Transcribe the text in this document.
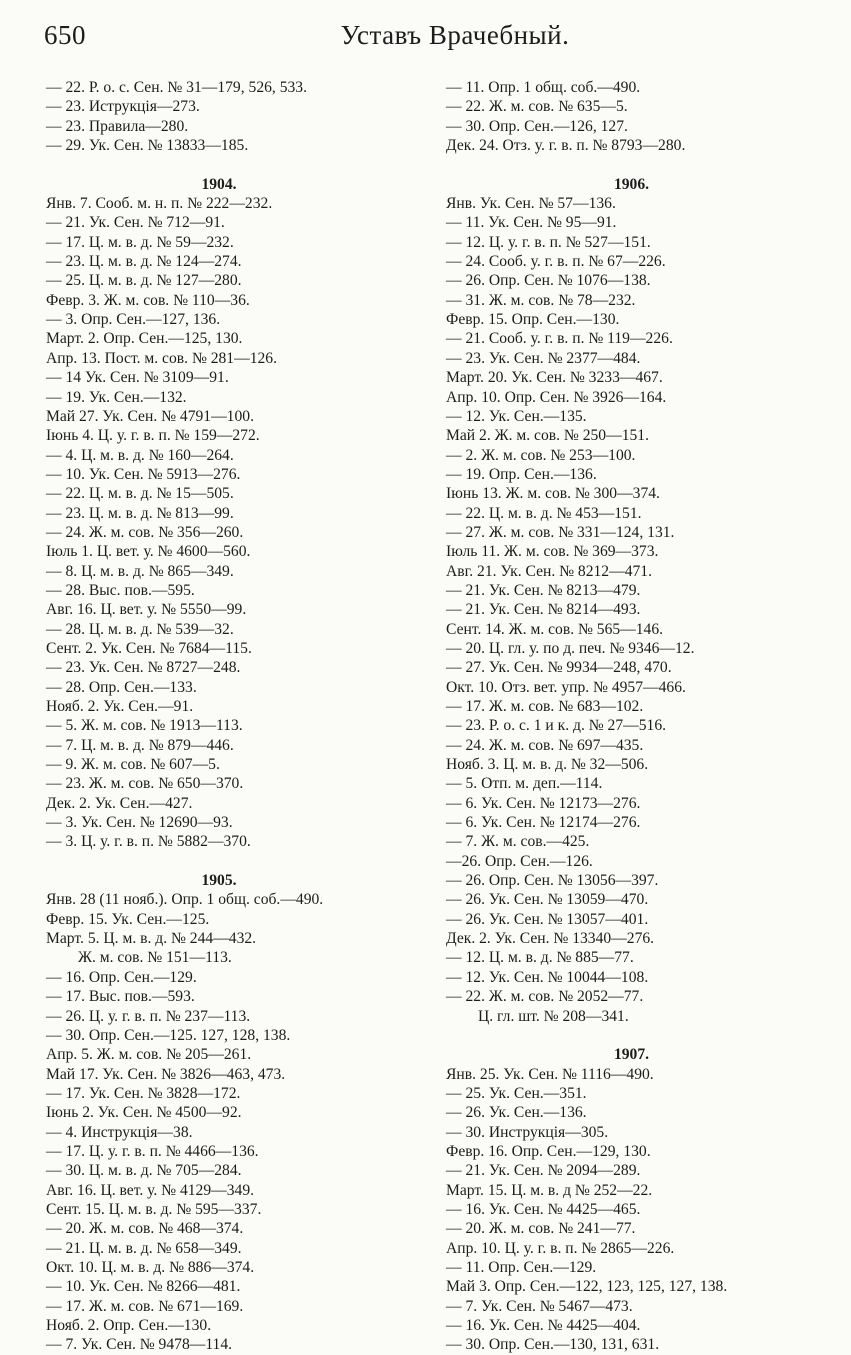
650	Уставъ Врачебный.
— 22. Р. о. с. Сен. № 31—179, 526, 533.
— 23. Иструкція—273.
— 23. Правила—280.
— 29. Ук. Сен. № 13833—185.
1904.
Янв. 7. Сооб. м. н. п. № 222—232.
— 21. Ук. Сен. № 712—91.
— 17. Ц. м. в. д. № 59—232.
— 23. Ц. м. в. д. № 124—274.
— 25. Ц. м. в. д. № 127—280.
Февр. 3. Ж. м. сов. № 110—36.
— 3. Опр. Сен.—127, 136.
Март. 2. Опр. Сен.—125, 130.
Апр. 13. Пост. м. сов. № 281—126.
— 14 Ук. Сен. № 3109—91.
— 19. Ук. Сен.—132.
Май 27. Ук. Сен. № 4791—100.
Іюнь 4. Ц. у. г. в. п. № 159—272.
— 4. Ц. м. в. д. № 160—264.
— 10. Ук. Сен. № 5913—276.
— 22. Ц. м. в. д. № 15—505.
— 23. Ц. м. в. д. № 813—99.
— 24. Ж. м. сов. № 356—260.
Іюль 1. Ц. вет. у. № 4600—560.
— 8. Ц. м. в. д. № 865—349.
— 28. Выс. пов.—595.
Авг. 16. Ц. вет. у. № 5550—99.
— 28. Ц. м. в. д. № 539—32.
Сент. 2. Ук. Сен. № 7684—115.
— 23. Ук. Сен. № 8727—248.
— 28. Опр. Сен.—133.
Нояб. 2. Ук. Сен.—91.
— 5. Ж. м. сов. № 1913—113.
— 7. Ц. м. в. д. № 879—446.
— 9. Ж. м. сов. № 607—5.
— 23. Ж. м. сов. № 650—370.
Дек. 2. Ук. Сен.—427.
— 3. Ук. Сен. № 12690—93.
— 3. Ц. у. г. в. п. № 5882—370.
1905.
Янв. 28 (11 нояб.). Опр. 1 общ. соб.—490.
Февр. 15. Ук. Сен.—125.
Март. 5. Ц. м. в. д. № 244—432.
Ж. м. сов. № 151—113.
— 16. Опр. Сен.—129.
— 17. Выс. пов.—593.
— 26. Ц. у. г. в. п. № 237—113.
— 30. Опр. Сен.—125. 127, 128, 138.
Апр. 5. Ж. м. сов. № 205—261.
Май 17. Ук. Сен. № 3826—463, 473.
— 17. Ук. Сен. № 3828—172.
Іюнь 2. Ук. Сен. № 4500—92.
— 4. Инструкція—38.
— 17. Ц. у. г. в. п. № 4466—136.
— 30. Ц. м. в. д. № 705—284.
Авг. 16. Ц. вет. у. № 4129—349.
Сент. 15. Ц. м. в. д. № 595—337.
— 20. Ж. м. сов. № 468—374.
— 21. Ц. м. в. д. № 658—349.
Окт. 10. Ц. м. в. д. № 886—374.
— 10. Ук. Сен. № 8266—481.
— 17. Ж. м. сов. № 671—169.
Нояб. 2. Опр. Сен.—130.
— 7. Ук. Сен. № 9478—114.
— 11. Опр. 1 общ. соб.—490.
— 22. Ж. м. сов. № 635—5.
— 30. Опр. Сен.—126, 127.
Дек. 24. Отз. у. г. в. п. № 8793—280.
1906.
Янв. Ук. Сен. № 57—136.
— 11. Ук. Сен. № 95—91.
— 12. Ц. у. г. в. п. № 527—151.
— 24. Сооб. у. г. в. п. № 67—226.
— 26. Опр. Сен. № 1076—138.
— 31. Ж. м. сов. № 78—232.
Февр. 15. Опр. Сен.—130.
— 21. Сооб. у. г. в. п. № 119—226.
— 23. Ук. Сен. № 2377—484.
Март. 20. Ук. Сен. № 3233—467.
Апр. 10. Опр. Сен. № 3926—164.
— 12. Ук. Сен.—135.
Май 2. Ж. м. сов. № 250—151.
— 2. Ж. м. сов. № 253—100.
— 19. Опр. Сен.—136.
Іюнь 13. Ж. м. сов. № 300—374.
— 22. Ц. м. в. д. № 453—151.
— 27. Ж. м. сов. № 331—124, 131.
Іюль 11. Ж. м. сов. № 369—373.
Авг. 21. Ук. Сен. № 8212—471.
— 21. Ук. Сен. № 8213—479.
— 21. Ук. Сен. № 8214—493.
Сент. 14. Ж. м. сов. № 565—146.
— 20. Ц. гл. у. по д. печ. № 9346—12.
— 27. Ук. Сен. № 9934—248, 470.
Окт. 10. Отз. вет. упр. № 4957—466.
— 17. Ж. м. сов. № 683—102.
— 23. Р. о. с. 1 и к. д. № 27—516.
— 24. Ж. м. сов. № 697—435.
Нояб. 3. Ц. м. в. д. № 32—506.
— 5. Отп. м. деп.—114.
— 6. Ук. Сен. № 12173—276.
— 6. Ук. Сен. № 12174—276.
— 7. Ж. м. сов.—425.
—26. Опр. Сен.—126.
— 26. Опр. Сен. № 13056—397.
— 26. Ук. Сен. № 13059—470.
— 26. Ук. Сен. № 13057—401.
Дек. 2. Ук. Сен. № 13340—276.
— 12. Ц. м. в. д. № 885—77.
— 12. Ук. Сен. № 10044—108.
— 22. Ж. м. сов. № 2052—77.
Ц. гл. шт. № 208—341.
1907.
Янв. 25. Ук. Сен. № 1116—490.
— 25. Ук. Сен.—351.
— 26. Ук. Сен.—136.
— 30. Инструкція—305.
Февр. 16. Опр. Сен.—129, 130.
— 21. Ук. Сен. № 2094—289.
Март. 15. Ц. м. в. д № 252—22.
— 16. Ук. Сен. № 4425—465.
— 20. Ж. м. сов. № 241—77.
Апр. 10. Ц. у. г. в. п. № 2865—226.
— 11. Опр. Сен.—129.
Май 3. Опр. Сен.—122, 123, 125, 127, 138.
— 7. Ук. Сен. № 5467—473.
— 16. Ук. Сен. № 4425—404.
— 30. Опр. Сен.—130, 131, 631.
